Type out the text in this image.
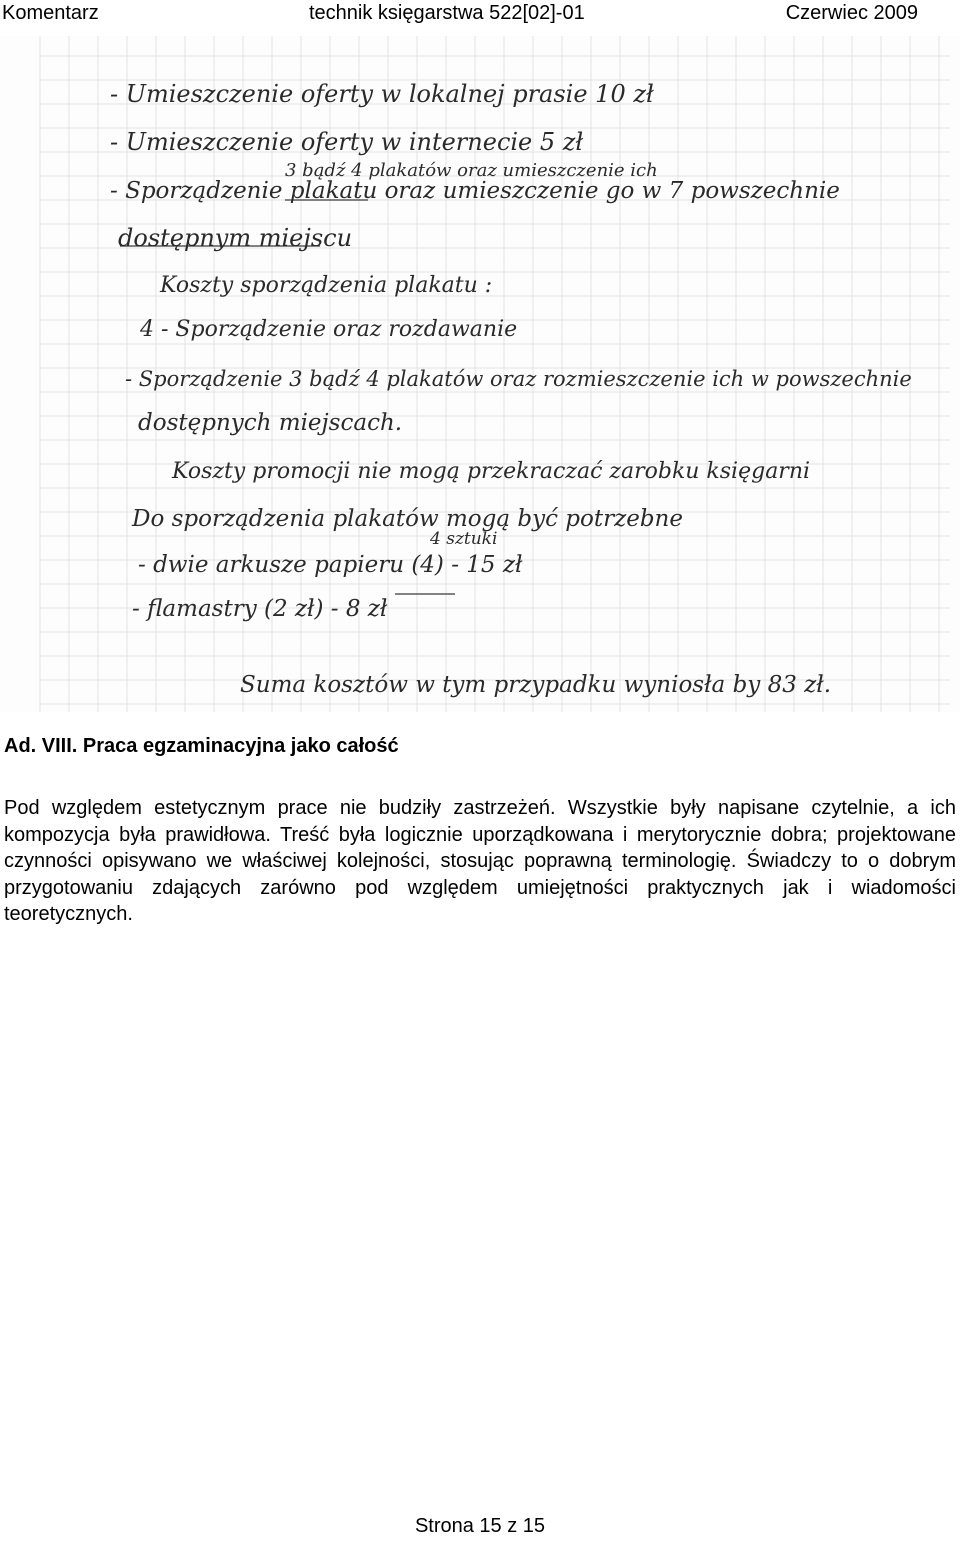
Komentarz	technik księgarstwa 522[02]-01	Czerwiec 2009
- Umieszczenie oferty w lokalnej prasie 10 zł
- Umieszczenie oferty w internecie 5 zł
3 bądź 4 plakatów oraz umieszczenie ich
- Sporządzenie plakatu oraz umieszczenie go w 7 powszechnie
dostępnym miejscu
Koszty sporządzenia plakatu :
4 - Sporządzenie oraz rozdawanie
- Sporządzenie 3 bądź 4 plakatów oraz rozmieszczenie ich w powszechnie
dostępnych miejscach.
Koszty promocji nie mogą przekraczać zarobku księgarni
Do sporządzenia plakatów mogą być potrzebne
4 sztuki
- dwie arkusze papieru (4) - 15 zł
- flamastry (2 zł) - 8 zł
Suma kosztów w tym przypadku wyniosła by 83 zł.
Ad. VIII. Praca egzaminacyjna jako całość

Pod względem estetycznym prace nie budziły zastrzeżeń. Wszystkie były napisane czytelnie, a ich kompozycja była prawidłowa. Treść była logicznie uporządkowana i merytorycznie dobra; projektowane czynności opisywano we właściwej kolejności, stosując poprawną terminologię. Świadczy to o dobrym przygotowaniu zdających zarówno pod względem umiejętności praktycznych jak i wiadomości teoretycznych.

Strona 15 z 15
